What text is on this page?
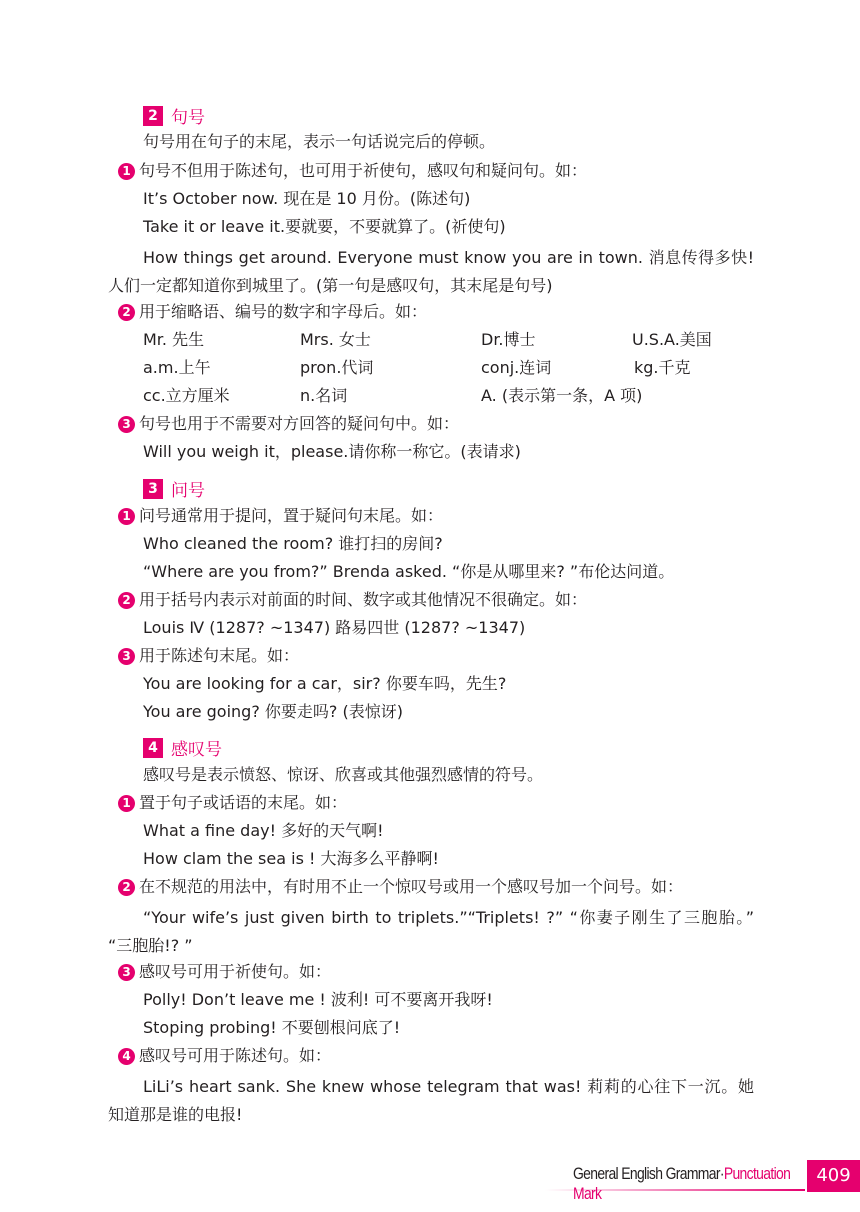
2 句号
句号用在句子的末尾，表示一句话说完后的停顿。
1 句号不但用于陈述句，也可用于祈使句，感叹句和疑问句。如：
It’s October now. 现在是 10 月份。(陈述句)
Take it or leave it.要就要，不要就算了。(祈使句)
How things get around. Everyone must know you are in town. 消息传得多快! 人们一定都知道你到城里了。(第一句是感叹句，其末尾是句号)
2 用于缩略语、编号的数字和字母后。如：
Mr. 先生	Mrs. 女士	Dr.博士	U.S.A.美国
a.m.上午	pron.代词	conj.连词	kg.千克
cc.立方厘米	n.名词	A. (表示第一条，A 项)
3 句号也用于不需要对方回答的疑问句中。如：
Will you weigh it，please.请你称一称它。(表请求)
3 问号
1 问号通常用于提问，置于疑问句末尾。如：
Who cleaned the room? 谁打扫的房间?
“Where are you from?” Brenda asked. “你是从哪里来? ”布伦达问道。
2 用于括号内表示对前面的时间、数字或其他情况不很确定。如：
Louis Ⅳ (1287? ~1347) 路易四世 (1287? ~1347)
3 用于陈述句末尾。如：
You are looking for a car，sir? 你要车吗，先生?
You are going? 你要走吗? (表惊讶)
4 感叹号
感叹号是表示愤怒、惊讶、欣喜或其他强烈感情的符号。
1 置于句子或话语的末尾。如：
What a fine day! 多好的天气啊!
How clam the sea is ! 大海多么平静啊!
2 在不规范的用法中，有时用不止一个惊叹号或用一个感叹号加一个问号。如：
“Your wife’s just given birth to triplets.”“Triplets! ?” “你妻子刚生了三胞胎。” “三胞胎!? ”
3 感叹号可用于祈使句。如：
Polly! Don’t leave me ! 波利! 可不要离开我呀!
Stoping probing! 不要刨根问底了!
4 感叹号可用于陈述句。如：
LiLi’s heart sank. She knew whose telegram that was! 莉莉的心往下一沉。她知道那是谁的电报!
General English Grammar·Punctuation Mark
409
